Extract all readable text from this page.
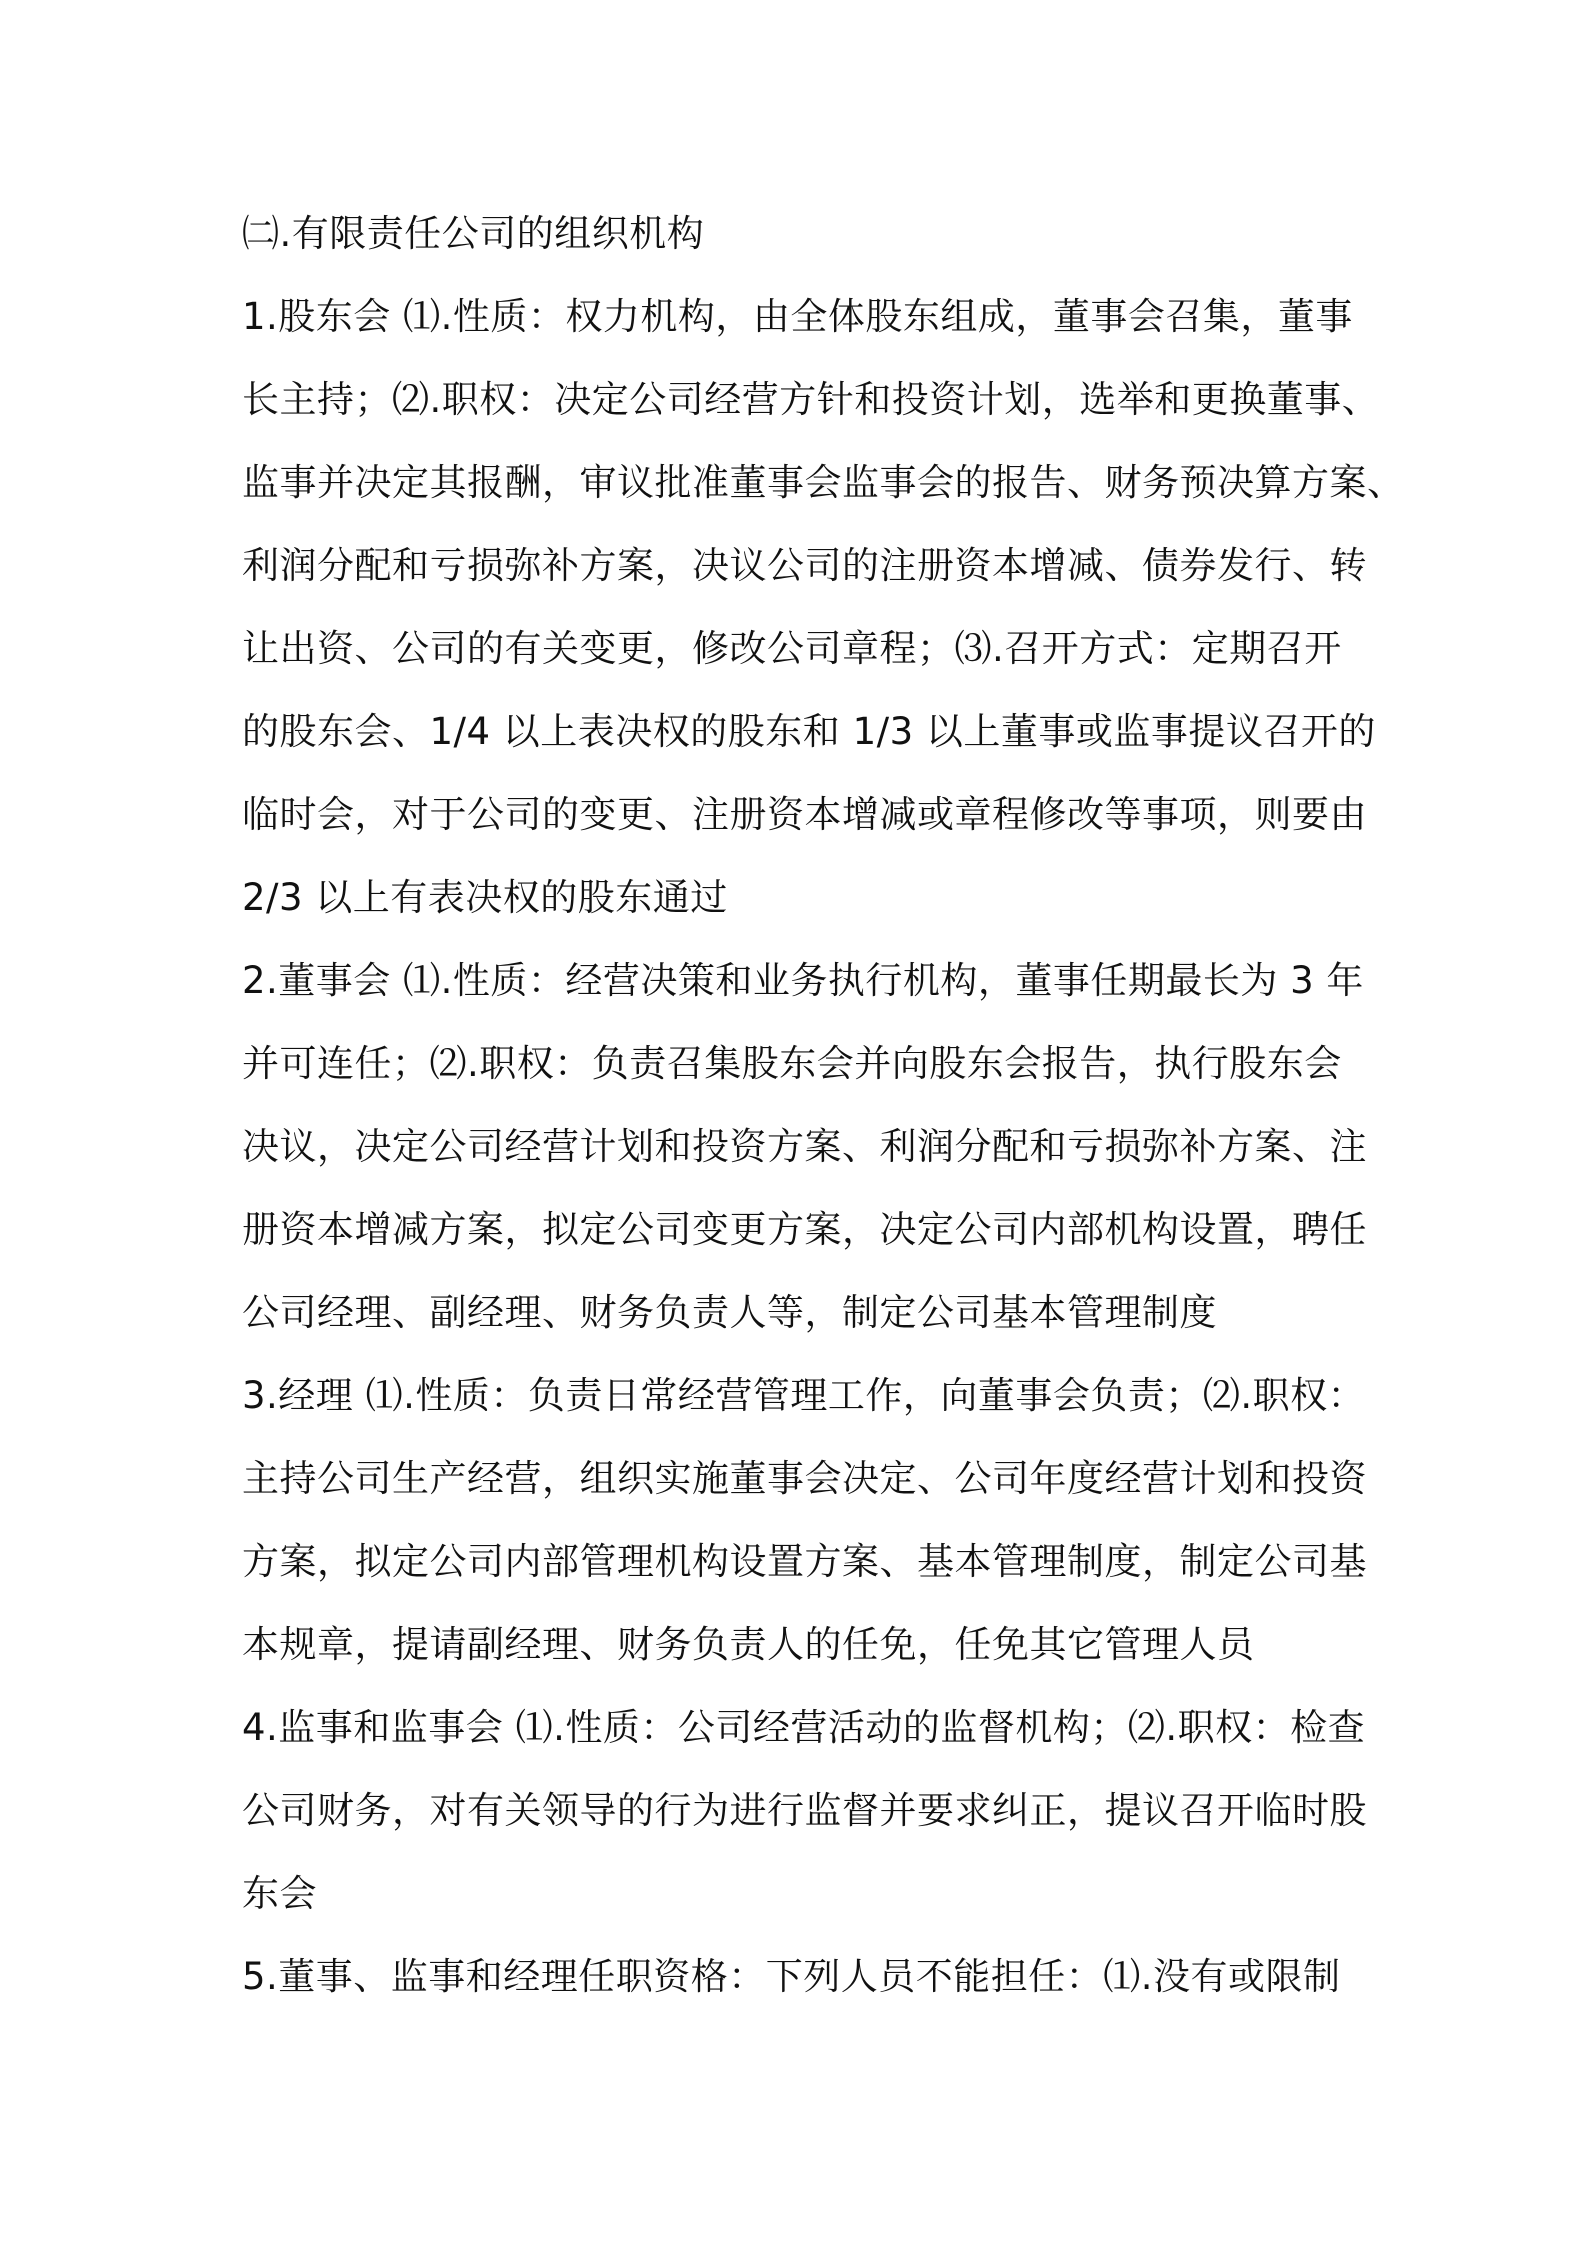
㈡.有限责任公司的组织机构
1.股东会 ⑴.性质：权力机构，由全体股东组成，董事会召集，董事
长主持；⑵.职权：决定公司经营方针和投资计划，选举和更换董事、
监事并决定其报酬，审议批准董事会监事会的报告、财务预决算方案、
利润分配和亏损弥补方案，决议公司的注册资本增减、债券发行、转
让出资、公司的有关变更，修改公司章程；⑶.召开方式：定期召开
的股东会、1/4 以上表决权的股东和 1/3 以上董事或监事提议召开的
临时会，对于公司的变更、注册资本增减或章程修改等事项，则要由
2/3 以上有表决权的股东通过
2.董事会 ⑴.性质：经营决策和业务执行机构，董事任期最长为 3 年
并可连任；⑵.职权：负责召集股东会并向股东会报告，执行股东会
决议，决定公司经营计划和投资方案、利润分配和亏损弥补方案、注
册资本增减方案，拟定公司变更方案，决定公司内部机构设置，聘任
公司经理、副经理、财务负责人等，制定公司基本管理制度
3.经理 ⑴.性质：负责日常经营管理工作，向董事会负责；⑵.职权：
主持公司生产经营，组织实施董事会决定、公司年度经营计划和投资
方案，拟定公司内部管理机构设置方案、基本管理制度，制定公司基
本规章，提请副经理、财务负责人的任免，任免其它管理人员
4.监事和监事会 ⑴.性质：公司经营活动的监督机构；⑵.职权：检查
公司财务，对有关领导的行为进行监督并要求纠正，提议召开临时股
东会
5.董事、监事和经理任职资格：下列人员不能担任：⑴.没有或限制
